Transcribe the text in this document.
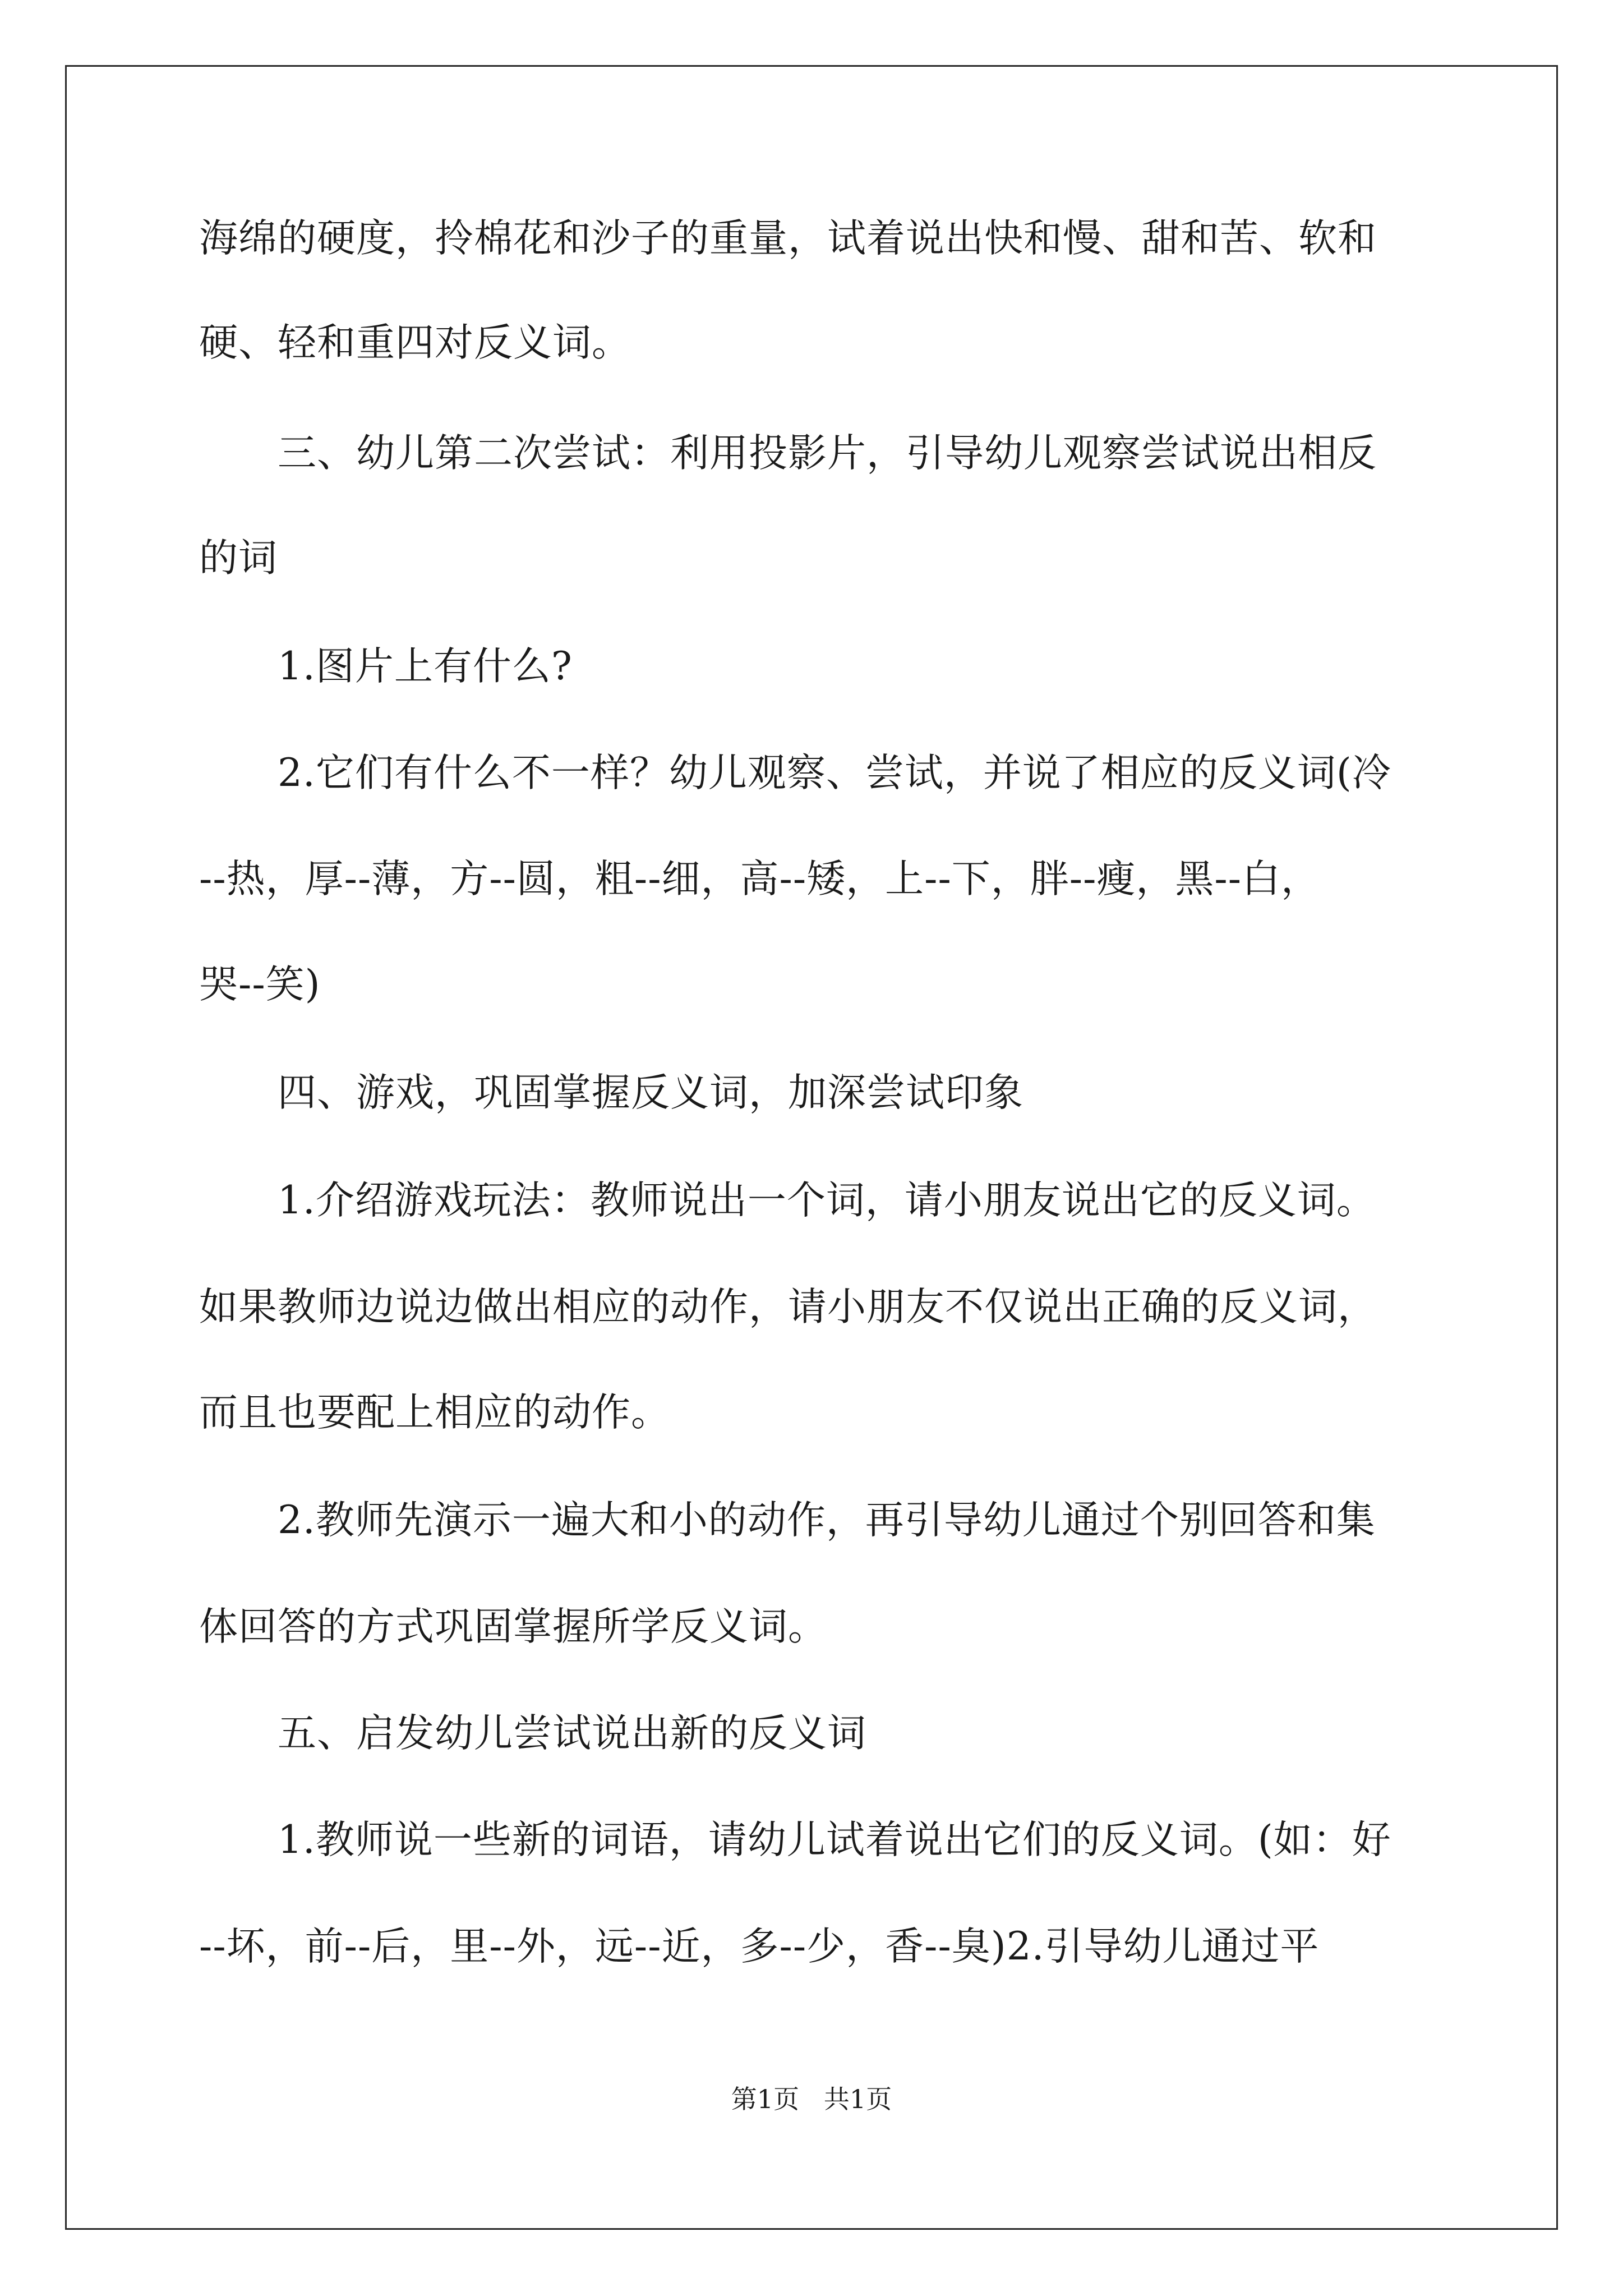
海绵的硬度，拎棉花和沙子的重量，试着说出快和慢、甜和苦、软和
硬、轻和重四对反义词。
三、幼儿第二次尝试：利用投影片，引导幼儿观察尝试说出相反
的词
1.图片上有什么?
2.它们有什么不一样？幼儿观察、尝试，并说了相应的反义词(冷
--热，厚--薄，方--圆，粗--细，高--矮，上--下，胖--瘦，黑--白，
哭--笑)
四、游戏，巩固掌握反义词，加深尝试印象
1.介绍游戏玩法：教师说出一个词，请小朋友说出它的反义词。
如果教师边说边做出相应的动作，请小朋友不仅说出正确的反义词，
而且也要配上相应的动作。
2.教师先演示一遍大和小的动作，再引导幼儿通过个别回答和集
体回答的方式巩固掌握所学反义词。
五、启发幼儿尝试说出新的反义词
1.教师说一些新的词语，请幼儿试着说出它们的反义词。(如：好
--坏，前--后，里--外，远--近，多--少，香--臭)2.引导幼儿通过平
第1页   共1页
